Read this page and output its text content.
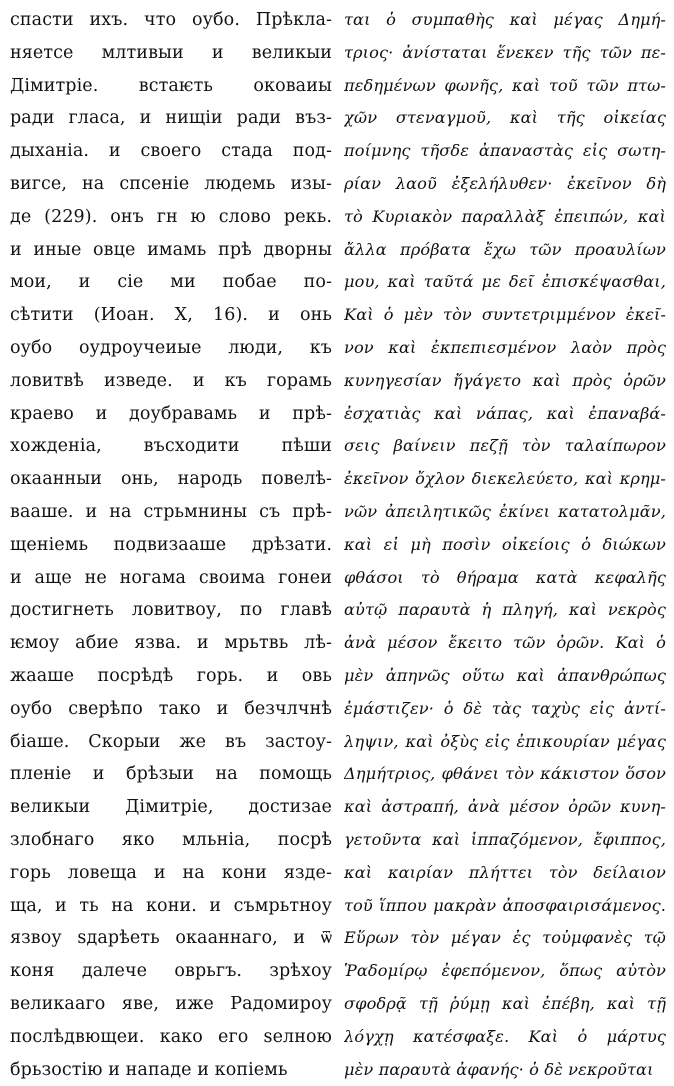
спасти ихъ. что оубо. Прѣкла-
няетсе млтивыи и великыи
Дімитріе. встаѥть оковаиы
ради гласа, и нищіи ради въз-
дыханіа. и своего стада под-
вигсе, на спсеніе людемь изы-
де (229). онъ гн ю слово рекь.
и иные овце имамь прѣ дворны
мои, и сіе ми побае по-
сѣтити (Иоан. X, 16). и онь
оубо оудроучеиые люди, къ
ловитвѣ изведе. и къ горамь
краево и доубравамь и прѣ-
хожденіа, въсходити пѣши
окаанныи онь, народь повелѣ-
вааше. и на стрьмнины съ прѣ-
щеніемь подвизааше дрѣзати.
и аще не ногама своима гонеи
достигнеть ловитвоу, по главѣ
ѥмоу абие язва. и мрьтвь лѣ-
жааше посрѣдѣ горь. и овь
оубо сверѣпо тако и безчлчнѣ
біаше. Скорыи же въ застоу-
пленіе и брѣзыи на помощь
великыи Дімитріе, достизае
злобнаго яко мльніа, посрѣ
горь ловеща и на кони язде-
ща, и ть на кони. и съмрьтноу
язвоу ѕдарѣеть окааннаго, и ѿ
коня далече оврьгъ. зрѣхоу
великааго яве, иже Радомироу
послѣдвющеи. како его ѕелною
брьзостію и нападе и копіемь
ται ὁ συμπαθὴς καὶ μέγας Δημή-
τριος· ἀνίσταται ἕνεκεν τῆς τῶν πε-
πεδημένων φωνῆς, καὶ τοῦ τῶν πτω-
χῶν στεναγμοῦ, καὶ τῆς οἰκείας
ποίμνης τῆσδε ἀπαναστὰς εἰς σωτη-
ρίαν λαοῦ ἐξελήλυθεν· ἐκεῖνον δὴ
τὸ Κυριακὸν παραλλὰξ ἐπειπών, καὶ
ἄλλα πρόβατα ἔχω τῶν προαυλίων
μου, καὶ ταῦτά με δεῖ ἐπισκέψασθαι,
Καὶ ὁ μὲν τὸν συντετριμμένον ἐκεῖ-
νον καὶ ἐκπεπιεσμένον λαὸν πρὸς
κυνηγεσίαν ἤγάγετο καὶ πρὸς ὀρῶν
ἐσχατιὰς καὶ νάπας, καὶ ἐπαναβά-
σεις βαίνειν πεζῇ τὸν ταλαίπωρον
ἐκεῖνον ὄχλον διεκελεύετο, καὶ κρημ-
νῶν ἀπειλητικῶς ἐκίνει κατατολμᾶν,
καὶ εἰ μὴ ποσὶν οἰκείοις ὁ διώκων
φθάσοι τὸ θήραμα κατὰ κεφαλῆς
αὐτῷ παραυτὰ ἡ πληγή, καὶ νεκρὸς
ἀνὰ μέσον ἔκειτο τῶν ὀρῶν. Καὶ ὁ
μὲν ἀπηνῶς οὕτω καὶ ἀπανθρώπως
ἐμάστιζεν· ὁ δὲ τὰς ταχὺς εἰς ἀντί-
ληψιν, καὶ ὀξὺς εἰς ἐπικουρίαν μέγας
Δημήτριος, φθάνει τὸν κάκιστον ὅσον
καὶ ἀστραπή, ἀνὰ μέσον ὀρῶν κυνη-
γετοῦντα καὶ ἱππαζόμενον, ἔφιππος,
καὶ καιρίαν πλήττει τὸν δείλαιον
τοῦ ἵππου μακρὰν ἀποσφαιρισάμενος.
Εὕρων τὸν μέγαν ἐς τοὐμφανὲς τῷ
Ῥαδομίρῳ ἐφεπόμενον, ὅπως αὐτὸν
σφοδρᾷ τῇ ῥύμῃ καὶ ἐπέβη, καὶ τῇ
λόγχῃ κατέσφαξε. Καὶ ὁ μάρτυς
μὲν παραυτὰ ἀφανής· ὁ δὲ νεκροῦται
